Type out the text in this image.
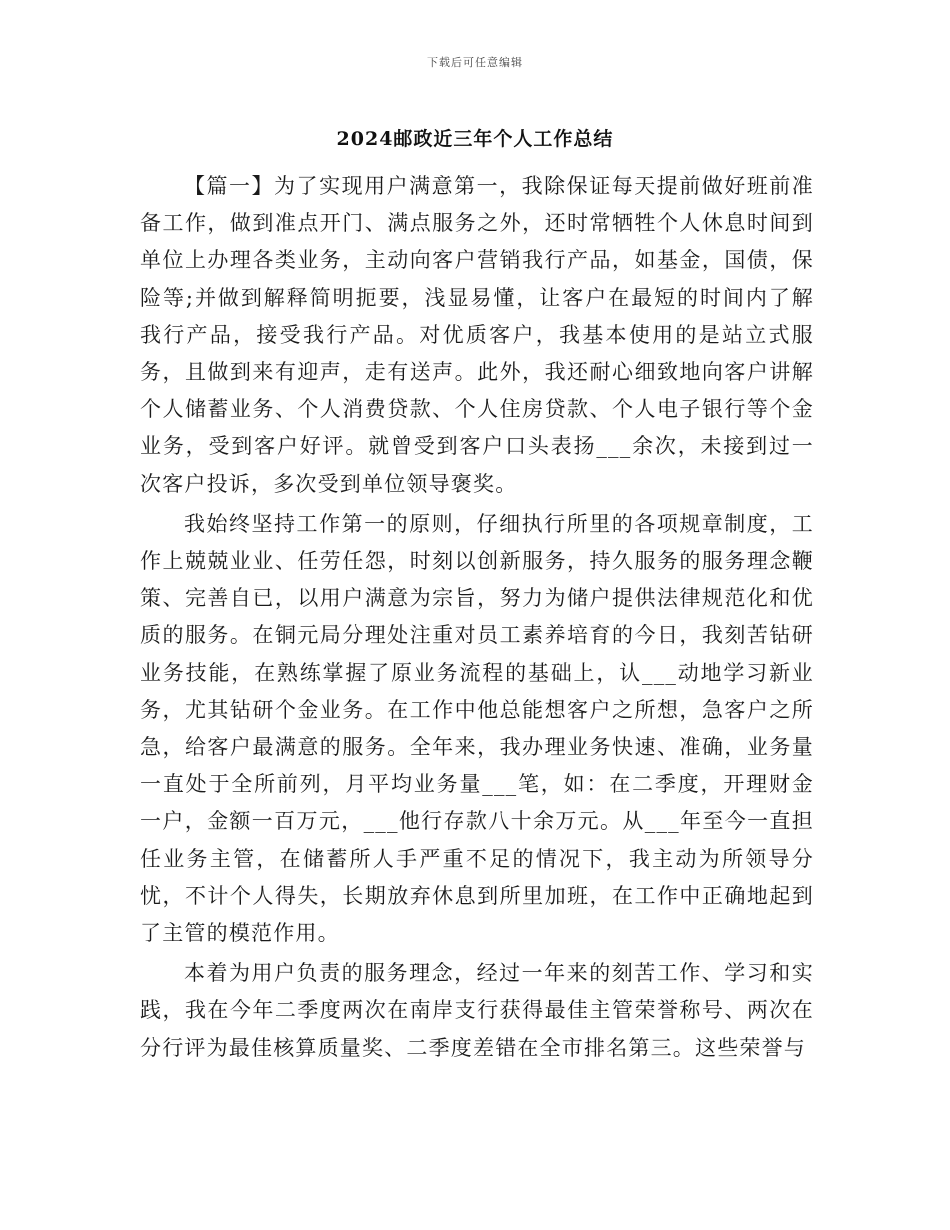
下载后可任意编辑
2024邮政近三年个人工作总结

【篇一】为了实现用户满意第一，我除保证每天提前做好班前准备工作，做到准点开门、满点服务之外，还时常牺牲个人休息时间到单位上办理各类业务，主动向客户营销我行产品，如基金，国债，保险等;并做到解释简明扼要，浅显易懂，让客户在最短的时间内了解我行产品，接受我行产品。对优质客户，我基本使用的是站立式服务，且做到来有迎声，走有送声。此外，我还耐心细致地向客户讲解个人储蓄业务、个人消费贷款、个人住房贷款、个人电子银行等个金业务，受到客户好评。就曾受到客户口头表扬___余次，未接到过一次客户投诉，多次受到单位领导褒奖。

我始终坚持工作第一的原则，仔细执行所里的各项规章制度，工作上兢兢业业、任劳任怨，时刻以创新服务，持久服务的服务理念鞭策、完善自已，以用户满意为宗旨，努力为储户提供法律规范化和优质的服务。在铜元局分理处注重对员工素养培育的今日，我刻苦钻研业务技能，在熟练掌握了原业务流程的基础上，认___动地学习新业务，尤其钻研个金业务。在工作中他总能想客户之所想，急客户之所急，给客户最满意的服务。全年来，我办理业务快速、准确，业务量一直处于全所前列，月平均业务量___笔，如：在二季度，开理财金一户，金额一百万元，___他行存款八十余万元。从___年至今一直担任业务主管，在储蓄所人手严重不足的情况下，我主动为所领导分忧，不计个人得失，长期放弃休息到所里加班，在工作中正确地起到了主管的模范作用。

本着为用户负责的服务理念，经过一年来的刻苦工作、学习和实践，我在今年二季度两次在南岸支行获得最佳主管荣誉称号、两次在分行评为最佳核算质量奖、二季度差错在全市排名第三。这些荣誉与
